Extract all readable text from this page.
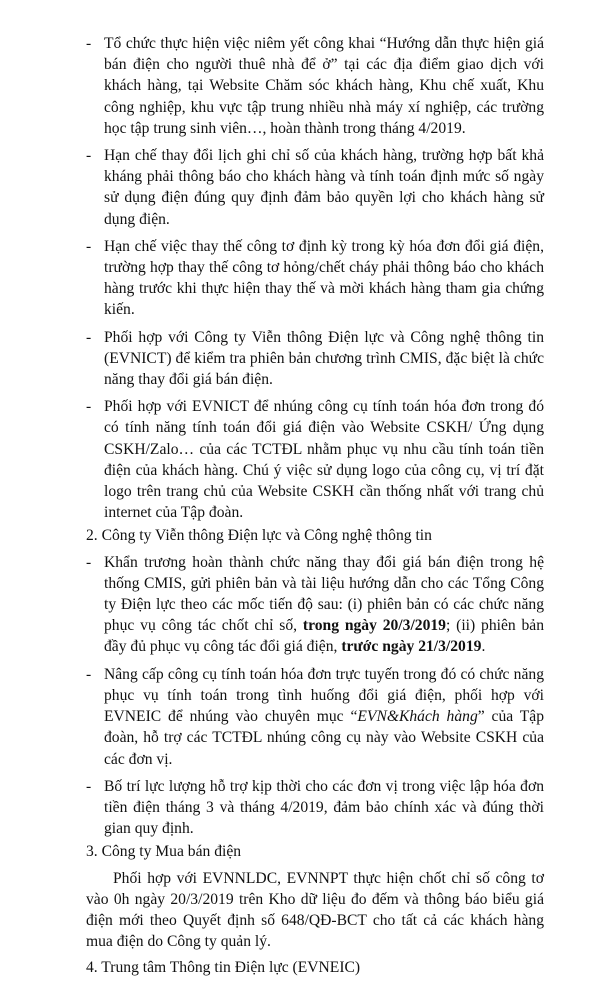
- Tổ chức thực hiện việc niêm yết công khai “Hướng dẫn thực hiện giá bán điện cho người thuê nhà để ở” tại các địa điểm giao dịch với khách hàng, tại Website Chăm sóc khách hàng, Khu chế xuất, Khu công nghiệp, khu vực tập trung nhiều nhà máy xí nghiệp, các trường học tập trung sinh viên…, hoàn thành trong tháng 4/2019.
- Hạn chế thay đổi lịch ghi chỉ số của khách hàng, trường hợp bất khả kháng phải thông báo cho khách hàng và tính toán định mức số ngày sử dụng điện đúng quy định đảm bảo quyền lợi cho khách hàng sử dụng điện.
- Hạn chế việc thay thế công tơ định kỳ trong kỳ hóa đơn đổi giá điện, trường hợp thay thế công tơ hỏng/chết cháy phải thông báo cho khách hàng trước khi thực hiện thay thế và mời khách hàng tham gia chứng kiến.
- Phối hợp với Công ty Viễn thông Điện lực và Công nghệ thông tin (EVNICT) để kiểm tra phiên bản chương trình CMIS, đặc biệt là chức năng thay đổi giá bán điện.
- Phối hợp với EVNICT để nhúng công cụ tính toán hóa đơn trong đó có tính năng tính toán đổi giá điện vào Website CSKH/ Ứng dụng CSKH/Zalo… của các TCTĐL nhằm phục vụ nhu cầu tính toán tiền điện của khách hàng. Chú ý việc sử dụng logo của công cụ, vị trí đặt logo trên trang chủ của Website CSKH cần thống nhất với trang chủ internet của Tập đoàn.
2. Công ty Viễn thông Điện lực và Công nghệ thông tin
- Khẩn trương hoàn thành chức năng thay đổi giá bán điện trong hệ thống CMIS, gửi phiên bản và tài liệu hướng dẫn cho các Tổng Công ty Điện lực theo các mốc tiến độ sau: (i) phiên bản có các chức năng phục vụ công tác chốt chỉ số, trong ngày 20/3/2019; (ii) phiên bản đầy đủ phục vụ công tác đổi giá điện, trước ngày 21/3/2019.
- Nâng cấp công cụ tính toán hóa đơn trực tuyến trong đó có chức năng phục vụ tính toán trong tình huống đổi giá điện, phối hợp với EVNEIC để nhúng vào chuyên mục “EVN&Khách hàng” của Tập đoàn, hỗ trợ các TCTĐL nhúng công cụ này vào Website CSKH của các đơn vị.
- Bố trí lực lượng hỗ trợ kịp thời cho các đơn vị trong việc lập hóa đơn tiền điện tháng 3 và tháng 4/2019, đảm bảo chính xác và đúng thời gian quy định.
3. Công ty Mua bán điện
Phối hợp với EVNNLDC, EVNNPT thực hiện chốt chỉ số công tơ vào 0h ngày 20/3/2019 trên Kho dữ liệu đo đếm và thông báo biểu giá điện mới theo Quyết định số 648/QĐ-BCT cho tất cả các khách hàng mua điện do Công ty quản lý.
4. Trung tâm Thông tin Điện lực (EVNEIC)
